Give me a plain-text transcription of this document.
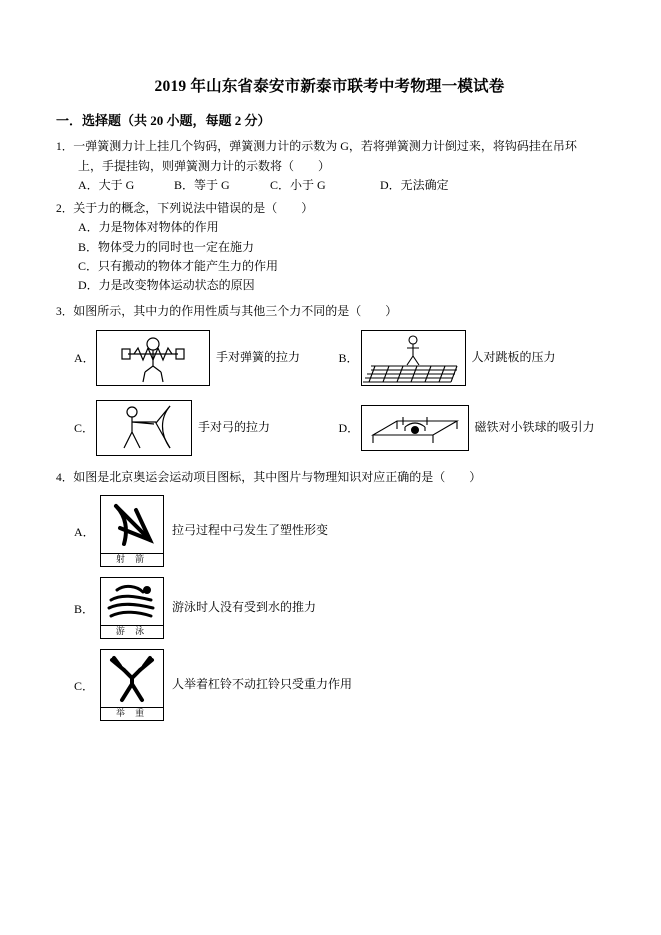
2019 年山东省泰安市新泰市联考中考物理一模试卷
一．选择题（共 20 小题，每题 2 分）
1．一弹簧测力计上挂几个钩码，弹簧测力计的示数为 G，若将弹簧测力计倒过来，将钩码挂在吊环
上，手提挂钩，则弹簧测力计的示数将（　　）
A．大于 G	B．等于 G	C．小于 G	D．无法确定
2．关于力的概念，下列说法中错误的是（　　）
A．力是物体对物体的作用
B．物体受力的同时也一定在施力
C．只有搬动的物体才能产生力的作用
D．力是改变物体运动状态的原因
3．如图所示，其中力的作用性质与其他三个力不同的是（　　）
A．	手对弹簧的拉力	B．	人对跳板的压力
C．	手对弓的拉力	D．	磁铁对小铁球的吸引力
4．如图是北京奥运会运动项目图标，其中图片与物理知识对应正确的是（　　）
A．
射 箭
拉弓过程中弓发生了塑性形变
B．
游 泳
游泳时人没有受到水的推力
C．
举 重
人举着杠铃不动扛铃只受重力作用
